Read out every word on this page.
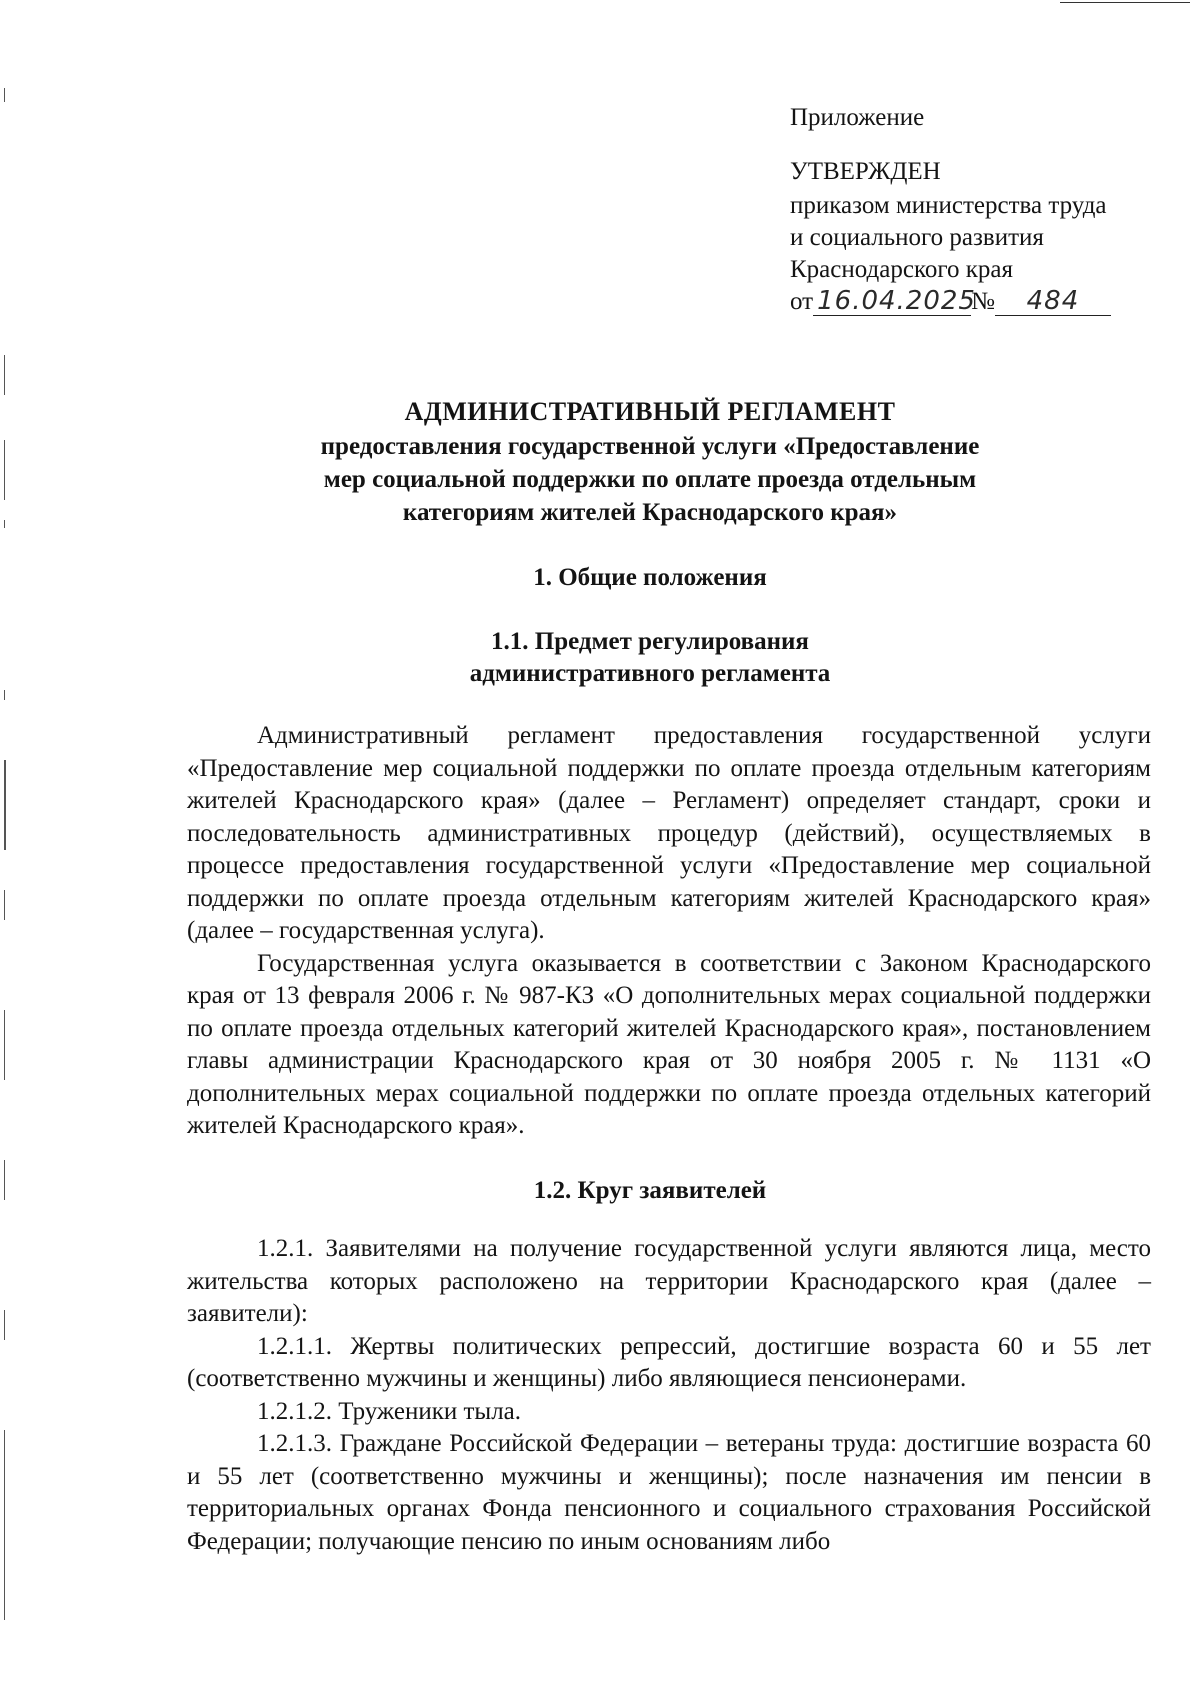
Приложение
УТВЕРЖДЕН
приказом министерства труда
и социального развития
Краснодарского края
от 16.04.2025№ 484
АДМИНИСТРАТИВНЫЙ РЕГЛАМЕНТ
предоставления государственной услуги «Предоставление
мер социальной поддержки по оплате проезда отдельным
категориям жителей Краснодарского края»
1. Общие положения
1.1. Предмет регулирования
административного регламента

Административный регламент предоставления государственной услуги «Предоставление мер социальной поддержки по оплате проезда отдельным категориям жителей Краснодарского края» (далее – Регламент) определяет стандарт, сроки и последовательность административных процедур (действий), осуществляемых в процессе предоставления государственной услуги «Предоставление мер социальной поддержки по оплате проезда отдельным категориям жителей Краснодарского края» (далее – государственная услуга).

Государственная услуга оказывается в соответствии с Законом Краснодарского края от 13 февраля 2006 г. № 987-КЗ «О дополнительных мерах социальной поддержки по оплате проезда отдельных категорий жителей Краснодарского края», постановлением главы администрации Краснодарского края от 30 ноября 2005 г. № 1131 «О дополнительных мерах социальной поддержки по оплате проезда отдельных категорий жителей Краснодарского края».

1.2. Круг заявителей

1.2.1. Заявителями на получение государственной услуги являются лица, место жительства которых расположено на территории Краснодарского края (далее – заявители):

1.2.1.1. Жертвы политических репрессий, достигшие возраста 60 и 55 лет (соответственно мужчины и женщины) либо являющиеся пенсионерами.

1.2.1.2. Труженики тыла.

1.2.1.3. Граждане Российской Федерации – ветераны труда: достигшие возраста 60 и 55 лет (соответственно мужчины и женщины); после назначения им пенсии в территориальных органах Фонда пенсионного и социального страхования Российской Федерации; получающие пенсию по иным основаниям либо
